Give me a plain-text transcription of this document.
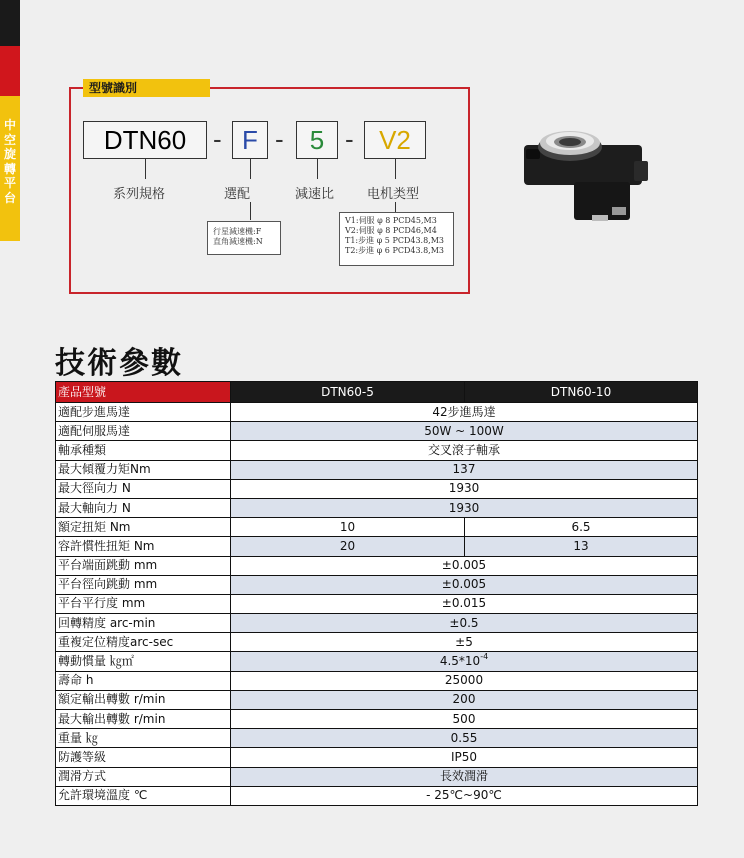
中
空
旋
轉
平
台
型號識別
DTN60	- F -	5 - V2
系列規格	選配	減速比	电机类型
行星減速機:F
直角減速機:N
V1:伺服 φ 8 PCD45,M3
V2:伺服 φ 8 PCD46,M4
T1:步進 φ 5 PCD43.8,M3
T2:步進 φ 6 PCD43.8,M3
技術參數
產品型號	DTN60-5	DTN60-10
適配步進馬達	42步進馬達	
適配伺服馬達	50W ~ 100W	
軸承種類	交叉滾子軸承	
最大傾覆力矩Nm	137	
最大徑向力 N	1930	
最大軸向力 N	1930	
額定扭矩 Nm	10	6.5
容許慣性扭矩 Nm	20	13
平台端面跳動 mm	±0.005	
平台徑向跳動 mm	±0.005	
平台平行度 mm	±0.015	
回轉精度 arc-min	±0.5	
重複定位精度arc-sec	±5	
轉動慣量 ㎏㎡	$4.5*10^{-4}$
壽命 h	25000	
額定輸出轉數 r/min	200	
最大輸出轉數 r/min	500	
重量 ㎏	0.55	
防護等級	IP50	
潤滑方式	長效潤滑	
允許環境溫度 ℃	- 25℃~90℃	
